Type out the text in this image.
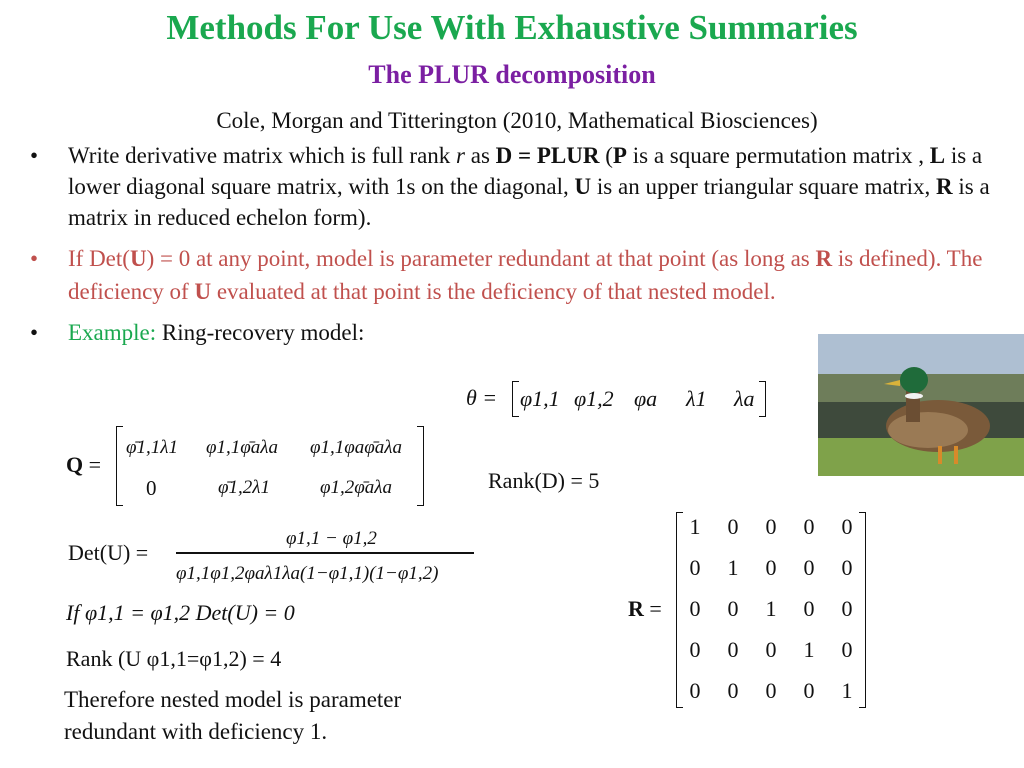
Methods For Use With Exhaustive Summaries
The PLUR decomposition
Cole, Morgan and Titterington (2010, Mathematical Biosciences)
• Write derivative matrix which is full rank r as D = PLUR (P is a square permutation matrix , L is a lower diagonal square matrix, with 1s on the diagonal, U is an upper triangular square matrix, R is a matrix in reduced echelon form).
• If Det(U) = 0 at any point, model is parameter redundant at that point (as long as R is defined). The deficiency of U evaluated at that point is the deficiency of that nested model.
• Example: Ring-recovery model:
θ = φ1,1 φ1,2 φa λ1 λa
Q =
φ̄1,1λ1 φ1,1φ̄aλa φ1,1φaφ̄aλa
0	φ̄1,2λ1	φ1,2φ̄aλa	Rank(D) = 5
Det(U) =
φ1,1 − φ1,2
φ1,1φ1,2φaλ1λa(1−φ1,1)(1−φ1,2)
If φ1,1 = φ1,2 Det(U) = 0
Rank (U φ1,1=φ1,2) = 4
Therefore nested model is parameter redundant with deficiency 1.
R =
1	0	0	0	0
0	1	0	0	0
0	0	1	0	0
0	0	0	1	0
0	0	0	0	1
